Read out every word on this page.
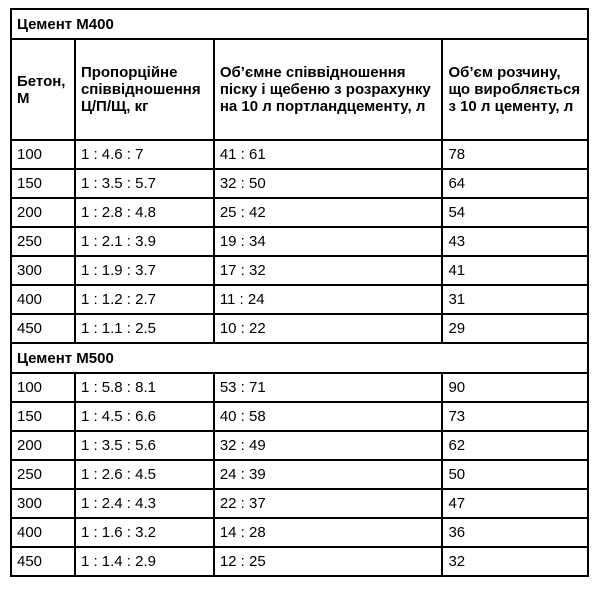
Цемент М400			
Бетон, М	Пропорційне співвідношення Ц/П/Щ, кг	Об’ємне співвідношення піску і щебеню з розрахунку на 10 л портландцементу, л	Об’єм розчину, що виробляється з 10 л цементу, л
100	1 : 4.6 : 7	41 : 61	78
150	1 : 3.5 : 5.7	32 : 50	64
200	1 : 2.8 : 4.8	25 : 42	54
250	1 : 2.1 : 3.9	19 : 34	43
300	1 : 1.9 : 3.7	17 : 32	41
400	1 : 1.2 : 2.7	11 : 24	31
450	1 : 1.1 : 2.5	10 : 22	29
Цемент М500			
100	1 : 5.8 : 8.1	53 : 71	90
150	1 : 4.5 : 6.6	40 : 58	73
200	1 : 3.5 : 5.6	32 : 49	62
250	1 : 2.6 : 4.5	24 : 39	50
300	1 : 2.4 : 4.3	22 : 37	47
400	1 : 1.6 : 3.2	14 : 28	36
450	1 : 1.4 : 2.9	12 : 25	32
